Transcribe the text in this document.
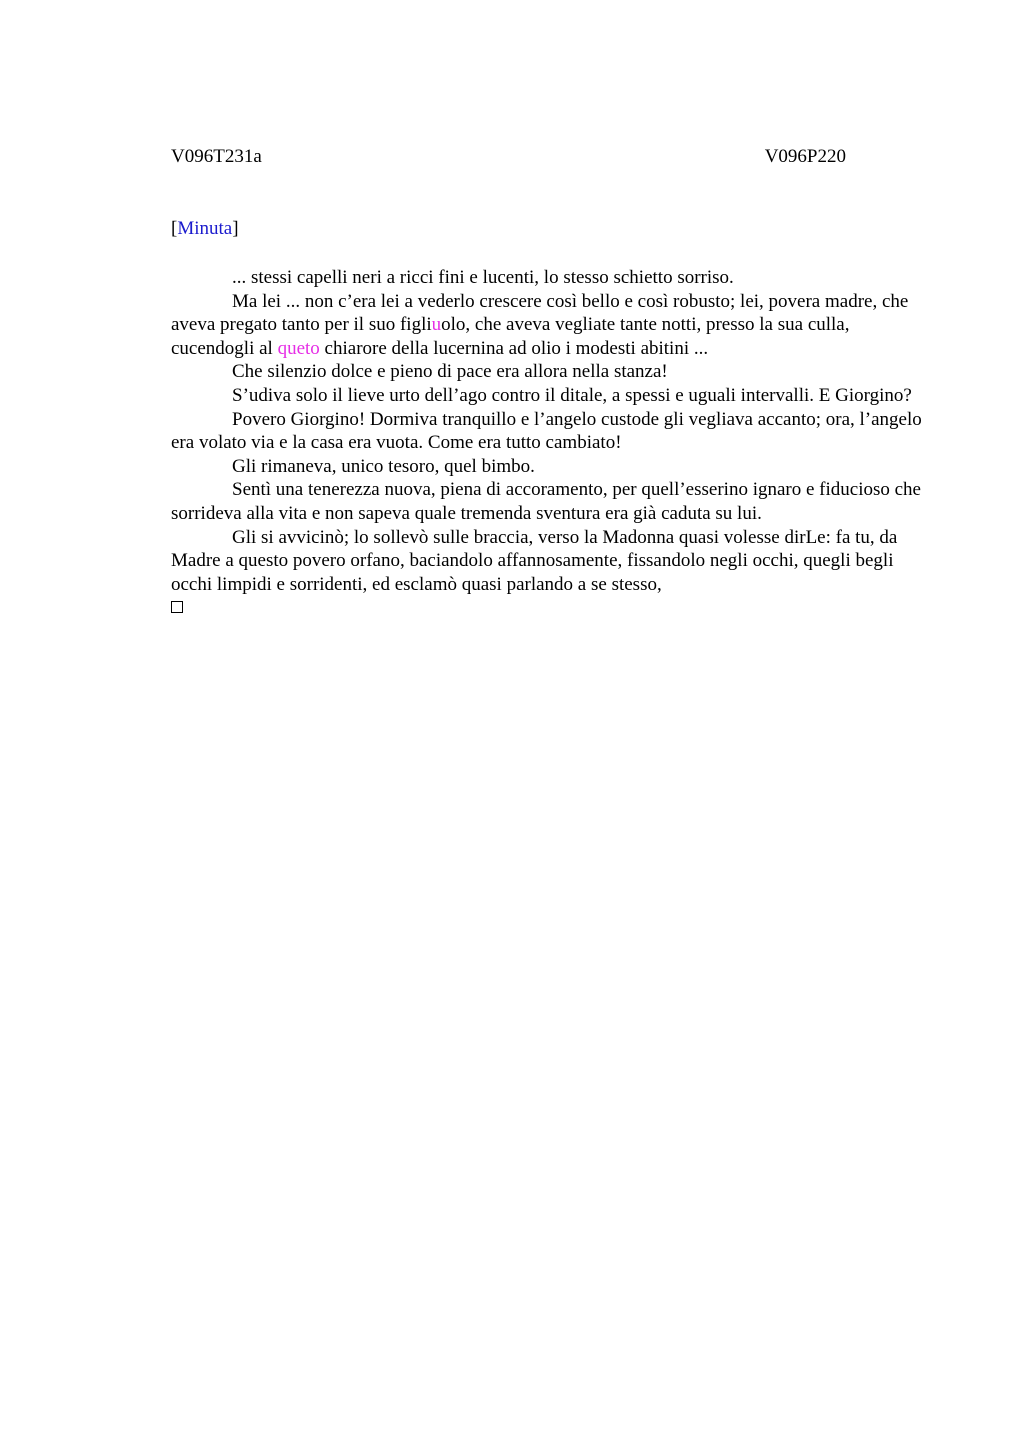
V096T231a	V096P220
[Minuta]

... stessi capelli neri a ricci fini e lucenti, lo stesso schietto sorriso.

Ma lei ... non c’era lei a vederlo crescere così bello e così robusto; lei, povera madre, che aveva pregato tanto per il suo figliuolo, che aveva vegliate tante notti, presso la sua culla, cucendogli al queto chiarore della lucernina ad olio i modesti abitini ...

Che silenzio dolce e pieno di pace era allora nella stanza!

S’udiva solo il lieve urto dell’ago contro il ditale, a spessi e uguali intervalli. E Giorgino?

Povero Giorgino! Dormiva tranquillo e l’angelo custode gli vegliava accanto; ora, l’angelo era volato via e la casa era vuota. Come era tutto cambiato!

Gli rimaneva, unico tesoro, quel bimbo.

Sentì una tenerezza nuova, piena di accoramento, per quell’esserino ignaro e fiducioso che sorrideva alla vita e non sapeva quale tremenda sventura era già caduta su lui.

Gli si avvicinò; lo sollevò sulle braccia, verso la Madonna quasi volesse dirLe: fa tu, da Madre a questo povero orfano, baciandolo affannosamente, fissandolo negli occhi, quegli begli occhi limpidi e sorridenti, ed esclamò quasi parlando a se stesso,
